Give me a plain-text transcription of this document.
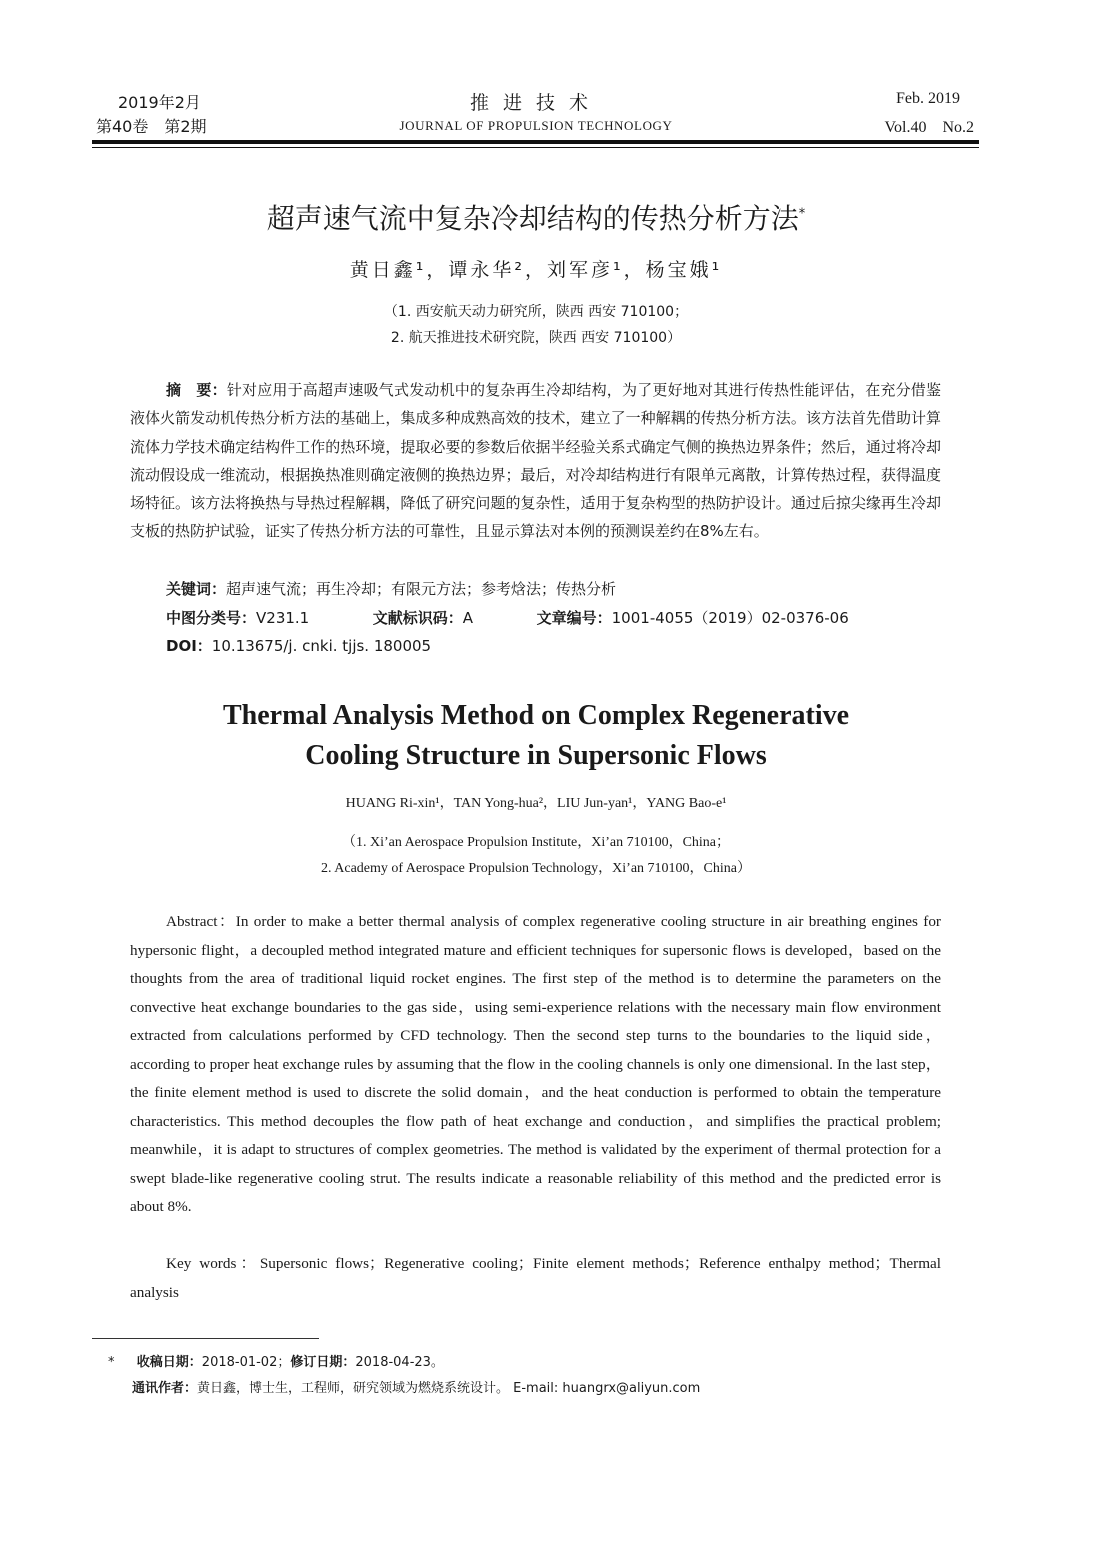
2019年2月
第40卷　第2期
推进技术
JOURNAL OF PROPULSION TECHNOLOGY
Feb. 2019
Vol.40　No.2
超声速气流中复杂冷却结构的传热分析方法*
黄日鑫¹，谭永华²，刘军彦¹，杨宝娥¹
（1. 西安航天动力研究所，陕西 西安 710100；
2. 航天推进技术研究院，陕西 西安 710100）
摘　要：针对应用于高超声速吸气式发动机中的复杂再生冷却结构，为了更好地对其进行传热性能评估，在充分借鉴液体火箭发动机传热分析方法的基础上，集成多种成熟高效的技术，建立了一种解耦的传热分析方法。该方法首先借助计算流体力学技术确定结构件工作的热环境，提取必要的参数后依据半经验关系式确定气侧的换热边界条件；然后，通过将冷却流动假设成一维流动，根据换热准则确定液侧的换热边界；最后，对冷却结构进行有限单元离散，计算传热过程，获得温度场特征。该方法将换热与导热过程解耦，降低了研究问题的复杂性，适用于复杂构型的热防护设计。通过后掠尖缘再生冷却支板的热防护试验，证实了传热分析方法的可靠性，且显示算法对本例的预测误差约在8%左右。
关键词：超声速气流；再生冷却；有限元方法；参考焓法；传热分析
中图分类号：V231.1	文献标识码：A	文章编号：1001-4055（2019）02-0376-06
DOI：10.13675/j. cnki. tjjs. 180005
Thermal Analysis Method on Complex Regenerative
Cooling Structure in Supersonic Flows
HUANG Ri-xin¹，TAN Yong-hua²，LIU Jun-yan¹，YANG Bao-e¹
（1. Xi’an Aerospace Propulsion Institute，Xi’an 710100，China；
2. Academy of Aerospace Propulsion Technology，Xi’an 710100，China）
Abstract：In order to make a better thermal analysis of complex regenerative cooling structure in air breathing engines for hypersonic flight，a decoupled method integrated mature and efficient techniques for supersonic flows is developed，based on the thoughts from the area of traditional liquid rocket engines. The first step of the method is to determine the parameters on the convective heat exchange boundaries to the gas side，using semi-experience relations with the necessary main flow environment extracted from calculations performed by CFD technology. Then the second step turns to the boundaries to the liquid side，according to proper heat exchange rules by assuming that the flow in the cooling channels is only one dimensional. In the last step，the finite element method is used to discrete the solid domain，and the heat conduction is performed to obtain the temperature characteristics. This method decouples the flow path of heat exchange and conduction，and simplifies the practical problem; meanwhile，it is adapt to structures of complex geometries. The method is validated by the experiment of thermal protection for a swept blade-like regenerative cooling strut. The results indicate a reasonable reliability of this method and the predicted error is about 8%.
Key words：Supersonic flows；Regenerative cooling；Finite element methods；Reference enthalpy method；Thermal analysis
* 收稿日期：2018-01-02；修订日期：2018-04-23。
通讯作者：黄日鑫，博士生，工程师，研究领域为燃烧系统设计。 E-mail: huangrx@aliyun.com
